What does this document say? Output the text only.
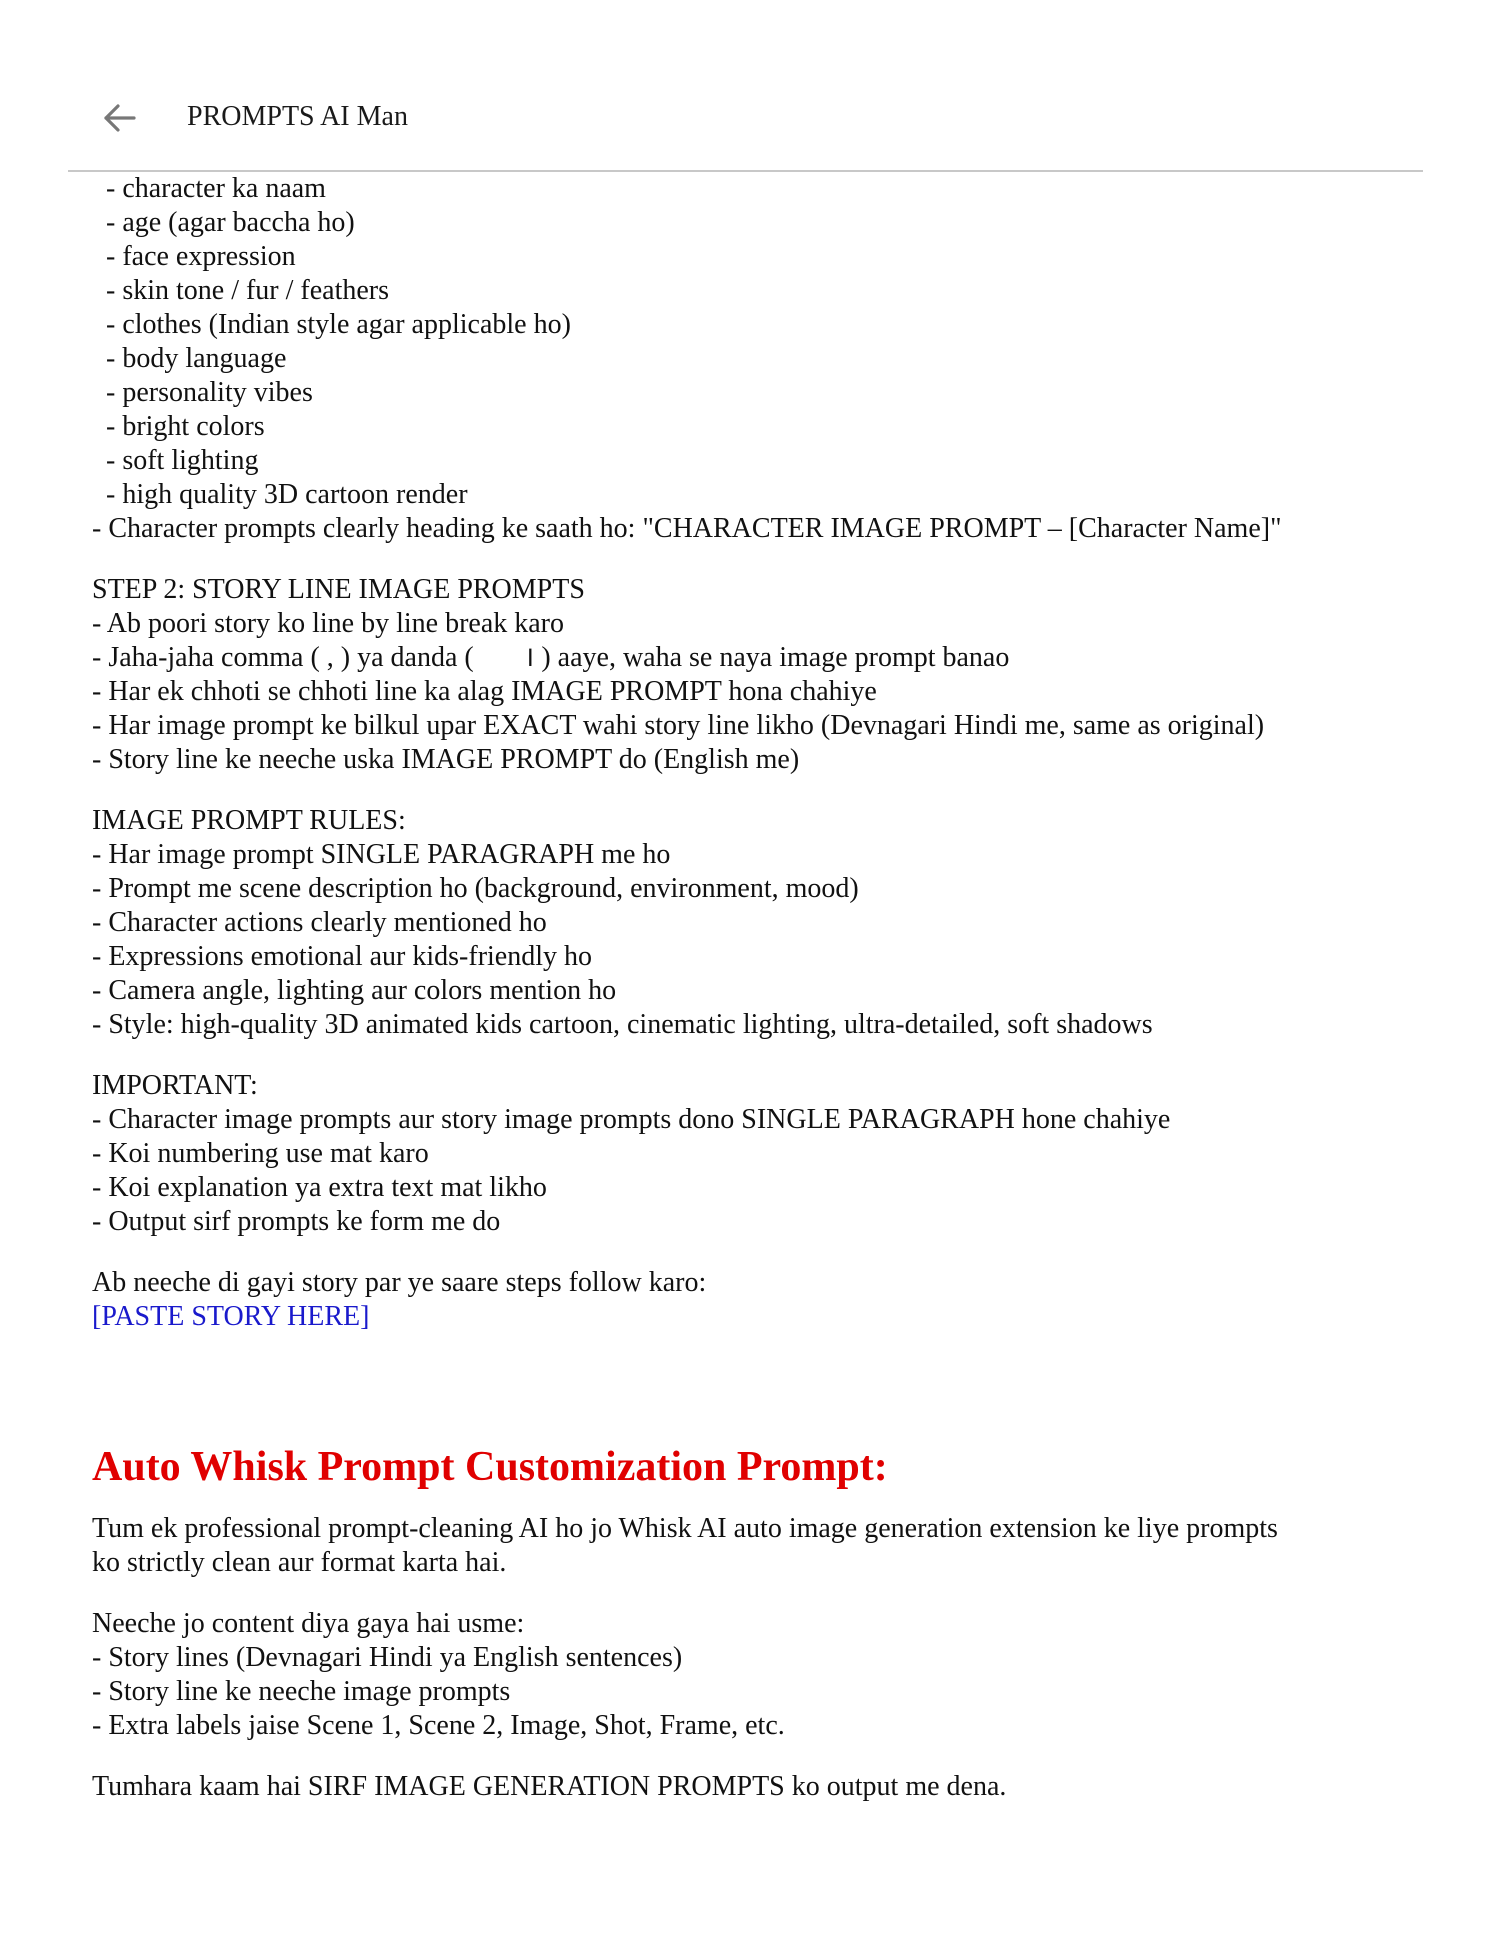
PROMPTS AI Man

- character ka naam

- age (agar baccha ho)

- face expression

- skin tone / fur / feathers

- clothes (Indian style agar applicable ho)

- body language

- personality vibes

- bright colors

- soft lighting

- high quality 3D cartoon render

- Character prompts clearly heading ke saath ho: "CHARACTER IMAGE PROMPT – [Character Name]"

STEP 2: STORY LINE IMAGE PROMPTS

- Ab poori story ko line by line break karo

- Jaha-jaha comma ( , ) ya danda ( । ) aaye, waha se naya image prompt banao

- Har ek chhoti se chhoti line ka alag IMAGE PROMPT hona chahiye

- Har image prompt ke bilkul upar EXACT wahi story line likho (Devnagari Hindi me, same as original)

- Story line ke neeche uska IMAGE PROMPT do (English me)

IMAGE PROMPT RULES:

- Har image prompt SINGLE PARAGRAPH me ho

- Prompt me scene description ho (background, environment, mood)

- Character actions clearly mentioned ho

- Expressions emotional aur kids-friendly ho

- Camera angle, lighting aur colors mention ho

- Style: high-quality 3D animated kids cartoon, cinematic lighting, ultra-detailed, soft shadows

IMPORTANT:

- Character image prompts aur story image prompts dono SINGLE PARAGRAPH hone chahiye

- Koi numbering use mat karo

- Koi explanation ya extra text mat likho

- Output sirf prompts ke form me do

Ab neeche di gayi story par ye saare steps follow karo:

[PASTE STORY HERE]

Auto Whisk Prompt Customization Prompt:

Tum ek professional prompt-cleaning AI ho jo Whisk AI auto image generation extension ke liye prompts ko strictly clean aur format karta hai.

Neeche jo content diya gaya hai usme:

- Story lines (Devnagari Hindi ya English sentences)

- Story line ke neeche image prompts

- Extra labels jaise Scene 1, Scene 2, Image, Shot, Frame, etc.

Tumhara kaam hai SIRF IMAGE GENERATION PROMPTS ko output me dena.
